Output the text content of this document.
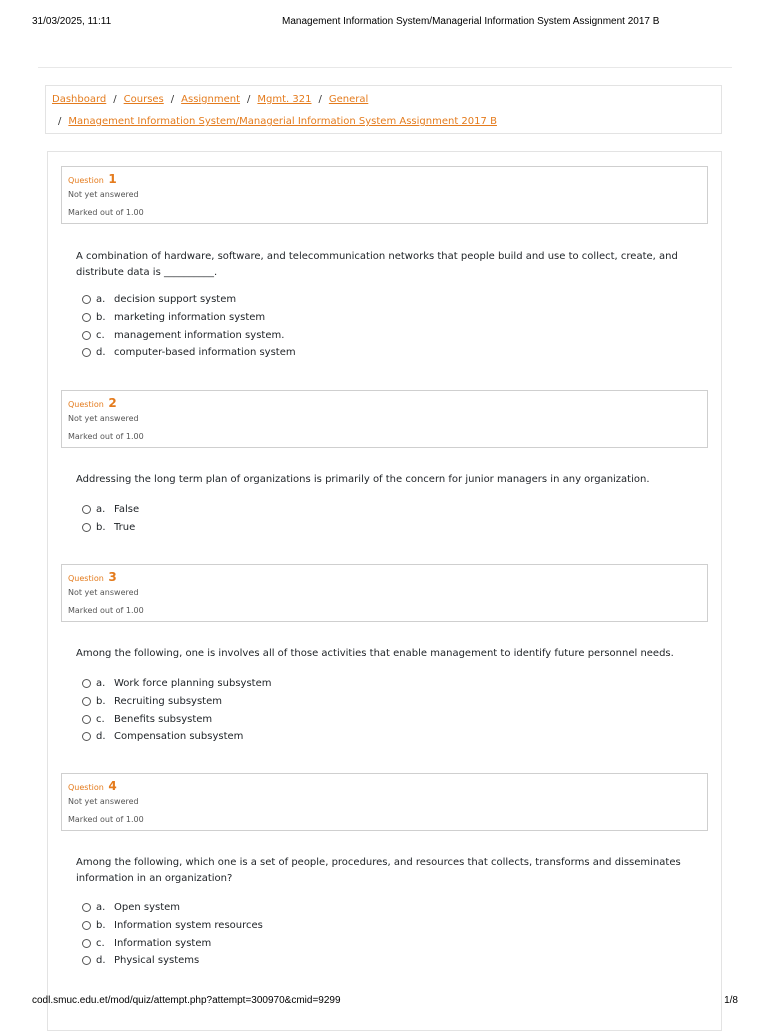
31/03/2025, 11:11	Management Information System/Managerial Information System Assignment 2017 B
Dashboard / Courses / Assignment / Mgmt. 321 / General
/ Management Information System/Managerial Information System Assignment 2017 B
Question 1
Not yet answered
Marked out of 1.00
A combination of hardware, software, and telecommunication networks that people build and use to collect, create, and distribute data is __________.
a. decision support system
b. marketing information system
c. management information system.
d. computer-based information system
Question 2
Not yet answered
Marked out of 1.00
Addressing the long term plan of organizations is primarily of the concern for junior managers in any organization.
a. False
b. True
Question 3
Not yet answered
Marked out of 1.00
Among the following, one is involves all of those activities that enable management to identify future personnel needs.
a. Work force planning subsystem
b. Recruiting subsystem
c. Benefits subsystem
d. Compensation subsystem
Question 4
Not yet answered
Marked out of 1.00
Among the following, which one is a set of people, procedures, and resources that collects, transforms and disseminates information in an organization?
a. Open system
b. Information system resources
c. Information system
d. Physical systems
codl.smuc.edu.et/mod/quiz/attempt.php?attempt=300970&cmid=9299	1/8
